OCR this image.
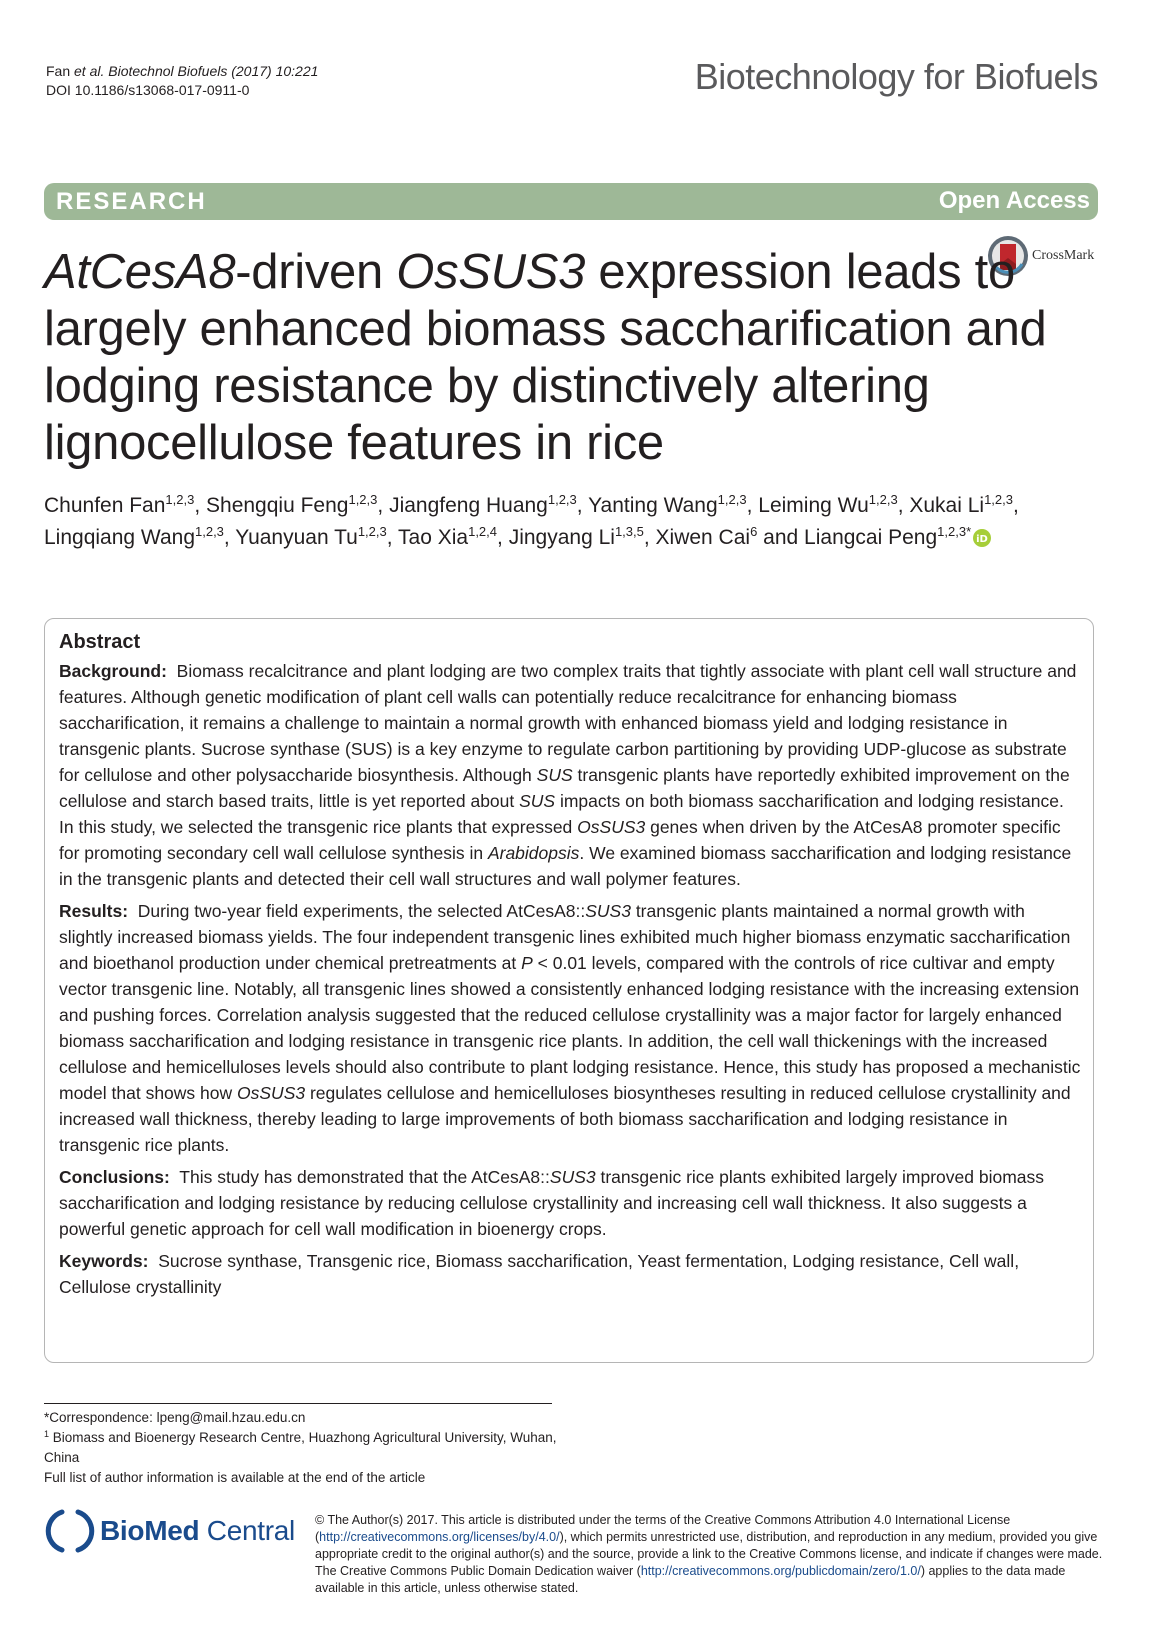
Fan et al. Biotechnol Biofuels (2017) 10:221
DOI 10.1186/s13068-017-0911-0	Biotechnology for Biofuels
RESEARCH	Open Access
CrossMark
AtCesA8-driven OsSUS3 expression leads to largely enhanced biomass saccharification and lodging resistance by distinctively altering lignocellulose features in rice
Chunfen Fan$^{1,2,3}$, Shengqiu Feng$^{1,2,3}$, Jiangfeng Huang$^{1,2,3}$, Yanting Wang$^{1,2,3}$, Leiming Wu$^{1,2,3}$, Xukai Li$^{1,2,3}$, Lingqiang Wang$^{1,2,3}$, Yuanyuan Tu$^{1,2,3}$, Tao Xia$^{1,2,4}$, Jingyang Li$^{1,3,5}$, Xiwen Cai$^6$ and Liangcai Peng$^{1,2,3*}$
iD
Abstract

Background: Biomass recalcitrance and plant lodging are two complex traits that tightly associate with plant cell wall structure and features. Although genetic modification of plant cell walls can potentially reduce recalcitrance for enhancing biomass saccharification, it remains a challenge to maintain a normal growth with enhanced biomass yield and lodging resistance in transgenic plants. Sucrose synthase (SUS) is a key enzyme to regulate carbon partitioning by providing UDP-glucose as substrate for cellulose and other polysaccharide biosynthesis. Although SUS transgenic plants have reportedly exhibited improvement on the cellulose and starch based traits, little is yet reported about SUS impacts on both biomass saccharification and lodging resistance. In this study, we selected the transgenic rice plants that expressed OsSUS3 genes when driven by the AtCesA8 promoter specific for promoting secondary cell wall cellulose synthesis in Arabidopsis. We examined biomass saccharification and lodging resistance in the transgenic plants and detected their cell wall structures and wall polymer features.

Results: During two-year field experiments, the selected AtCesA8::SUS3 transgenic plants maintained a normal growth with slightly increased biomass yields. The four independent transgenic lines exhibited much higher biomass enzymatic saccharification and bioethanol production under chemical pretreatments at P < 0.01 levels, compared with the controls of rice cultivar and empty vector transgenic line. Notably, all transgenic lines showed a consistently enhanced lodging resistance with the increasing extension and pushing forces. Correlation analysis suggested that the reduced cellulose crystallinity was a major factor for largely enhanced biomass saccharification and lodging resistance in transgenic rice plants. In addition, the cell wall thickenings with the increased cellulose and hemicelluloses levels should also contribute to plant lodging resistance. Hence, this study has proposed a mechanistic model that shows how OsSUS3 regulates cellulose and hemicelluloses biosyntheses resulting in reduced cellulose crystallinity and increased wall thickness, thereby leading to large improvements of both biomass saccharification and lodging resistance in transgenic rice plants.

Conclusions: This study has demonstrated that the AtCesA8::SUS3 transgenic rice plants exhibited largely improved biomass saccharification and lodging resistance by reducing cellulose crystallinity and increasing cell wall thickness. It also suggests a powerful genetic approach for cell wall modification in bioenergy crops.

Keywords: Sucrose synthase, Transgenic rice, Biomass saccharification, Yeast fermentation, Lodging resistance, Cell wall, Cellulose crystallinity

*Correspondence: lpeng@mail.hzau.edu.cn
$^1$ Biomass and Bioenergy Research Centre, Huazhong Agricultural University, Wuhan, China
Full list of author information is available at the end of the article
BioMed Central © The Author(s) 2017. This article is distributed under the terms of the Creative Commons Attribution 4.0 International License (http://creativecommons.org/licenses/by/4.0/), which permits unrestricted use, distribution, and reproduction in any medium, provided you give appropriate credit to the original author(s) and the source, provide a link to the Creative Commons license, and indicate if changes were made. The Creative Commons Public Domain Dedication waiver (http://creativecommons.org/publicdomain/zero/1.0/) applies to the data made available in this article, unless otherwise stated.
